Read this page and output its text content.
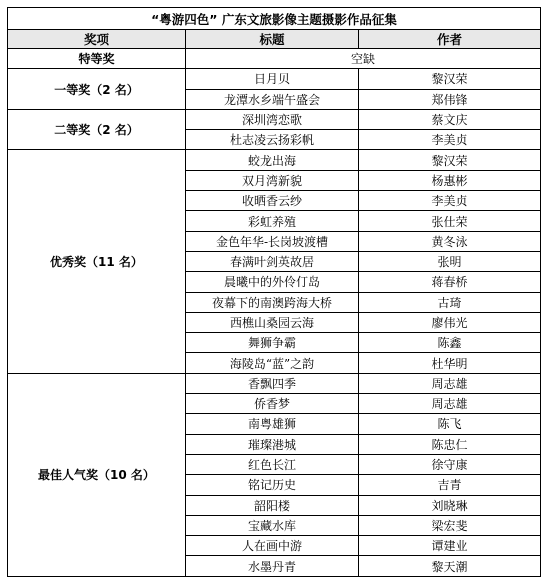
“粤游四色” 广东文旅影像主题摄影作品征集		
奖项	标题	作者
特等奖	空缺	
一等奖（2 名）	日月贝	黎汉荣
	龙潭水乡端午盛会	郑伟锋
二等奖（2 名）	深圳湾恋歌	蔡文庆
	杜志凌云扬彩帆	李美贞
优秀奖（11 名）	蛟龙出海	黎汉荣
	双月湾新貌	杨惠彬
	收晒香云纱	李美贞
	彩虹养殖	张仕荣
	金色年华-长岗坡渡槽	黄冬泳
	春满叶剑英故居	张明
	晨曦中的外伶仃岛	蒋春桥
	夜幕下的南澳跨海大桥	古琦
	西樵山桑园云海	廖伟光
	舞狮争霸	陈鑫
	海陵岛“蓝”之韵	杜华明
最佳人气奖（10 名）	香飘四季	周志雄
	侨香梦	周志雄
	南粤雄狮	陈飞
	璀璨港城	陈忠仁
	红色长江	徐守康
	铭记历史	吉青
	韶阳楼	刘晓琳
	宝藏水库	梁宏斐
	人在画中游	谭建业
	水墨丹青	黎天潮
